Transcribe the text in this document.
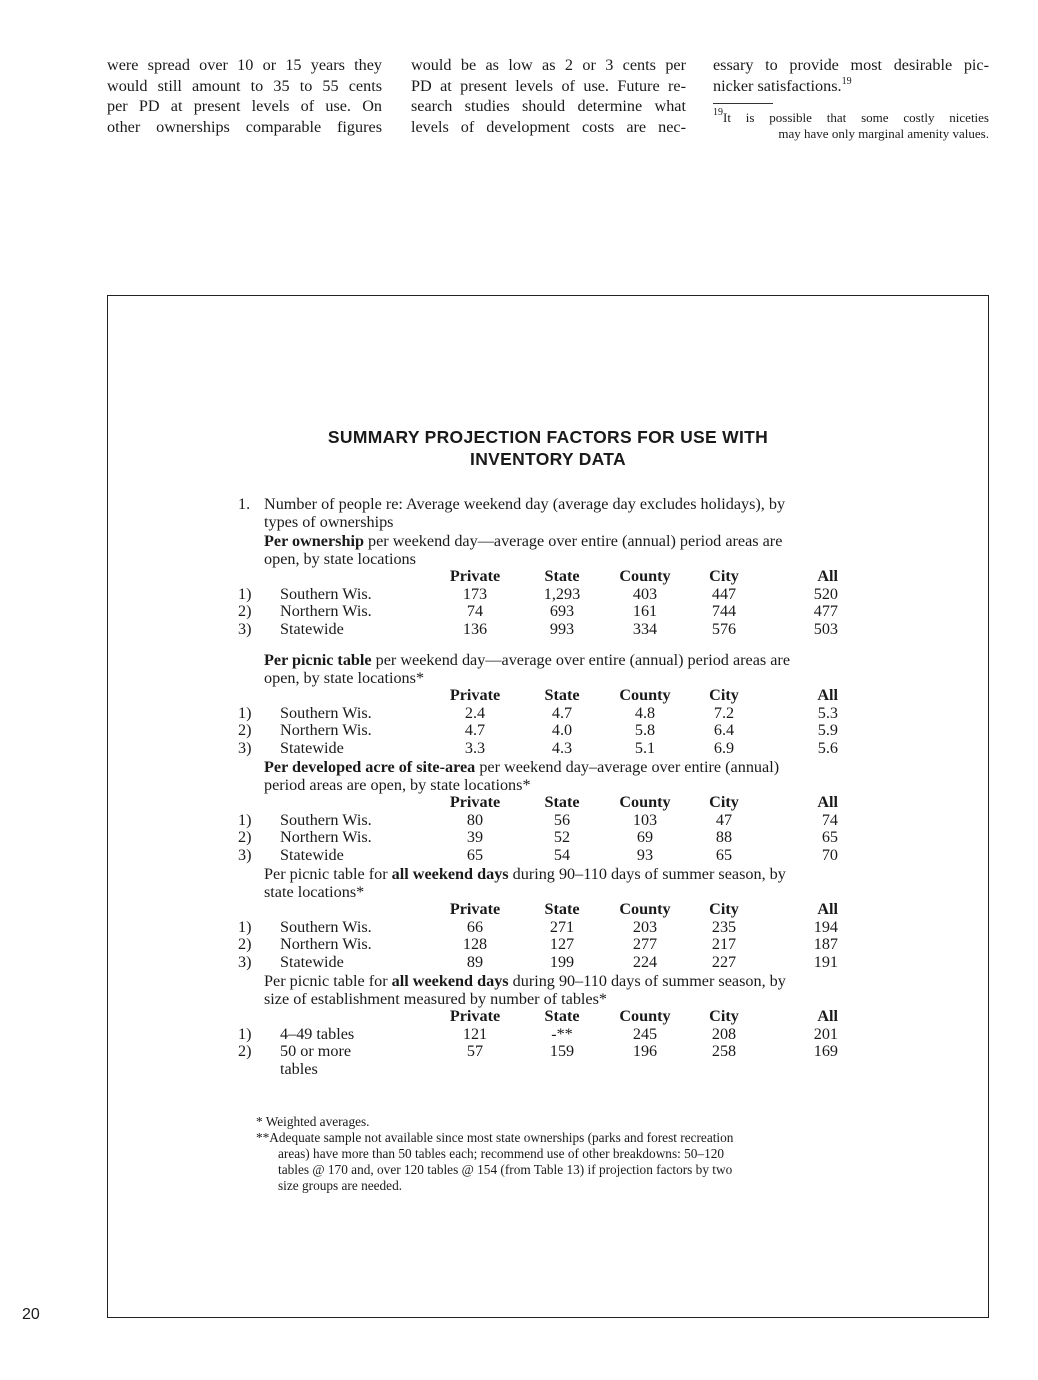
were spread over 10 or 15 years they

would still amount to 35 to 55 cents

per PD at present levels of use. On

other ownerships comparable figures

would be as low as 2 or 3 cents per

PD at present levels of use. Future re-

search studies should determine what

levels of development costs are nec-

essary to provide most desirable pic-

nicker satisfactions.$^{19}$

$^{19}$It is possible that some costly niceties

may have only marginal amenity values.

SUMMARY PROJECTION FACTORS FOR USE WITH
INVENTORY DATA
1. Number of people re: Average weekend day (average day excludes holidays), by
types of ownerships
Per ownership per weekend day—average over entire (annual) period areas are
open, by state locations
		Private	State	County	City	All
1)	Southern Wis.	173	1,293	403	447	520
2)	Northern Wis.	74	693	161	744	477
3)	Statewide	136	993	334	576	503
Per picnic table per weekend day—average over entire (annual) period areas are
open, by state locations*
		Private	State	County	City	All
1)	Southern Wis.	2.4	4.7	4.8	7.2	5.3
2)	Northern Wis.	4.7	4.0	5.8	6.4	5.9
3)	Statewide	3.3	4.3	5.1	6.9	5.6
Per developed acre of site-area per weekend day–average over entire (annual)
period areas are open, by state locations*
		Private	State	County	City	All
1)	Southern Wis.	80	56	103	47	74
2)	Northern Wis.	39	52	69	88	65
3)	Statewide	65	54	93	65	70
Per picnic table for all weekend days during 90–110 days of summer season, by
state locations*
		Private	State	County	City	All
1)	Southern Wis.	66	271	203	235	194
2)	Northern Wis.	128	127	277	217	187
3)	Statewide	89	199	224	227	191
Per picnic table for all weekend days during 90–110 days of summer season, by
size of establishment measured by number of tables*
		Private	State	County	City	All
1)	4–49 tables	121	-**	245	208	201
2)	50 or more
tables	57	159	196	258	169

* Weighted averages.

**Adequate sample not available since most state ownerships (parks and forest recreation

areas) have more than 50 tables each; recommend use of other breakdowns: 50–120

tables @ 170 and, over 120 tables @ 154 (from Table 13) if projection factors by two

size groups are needed.

20
